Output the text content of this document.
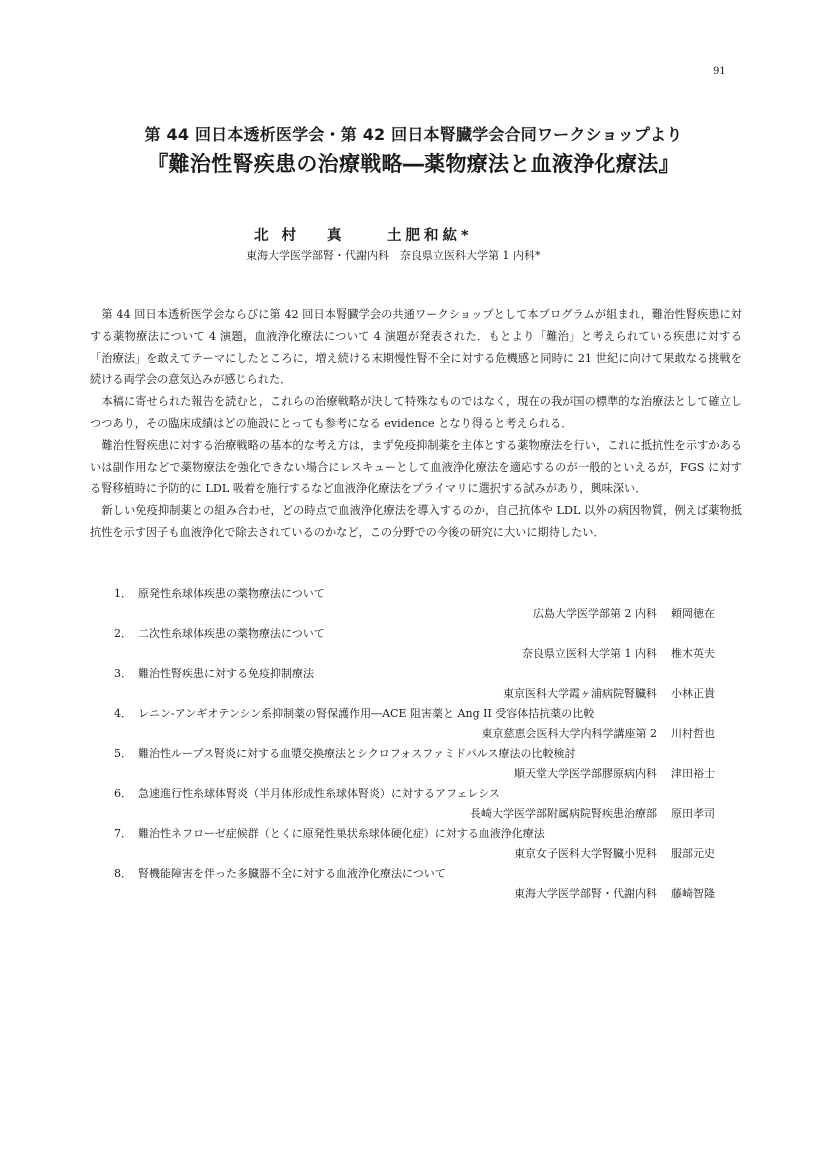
91
第 44 回日本透析医学会・第 42 回日本腎臓学会合同ワークショップより
『難治性腎疾患の治療戦略―薬物療法と血液浄化療法』
北村 真 土肥和紘*
東海大学医学部腎・代謝内科　奈良県立医科大学第 1 内科*

第 44 回日本透析医学会ならびに第 42 回日本腎臓学会の共通ワークショップとして本プログラムが組まれ，難治性腎疾患に対する薬物療法について 4 演題，血液浄化療法について 4 演題が発表された．もとより「難治」と考えられている疾患に対する「治療法」を敢えてテーマにしたところに，増え続ける末期慢性腎不全に対する危機感と同時に 21 世紀に向けて果敢なる挑戦を続ける両学会の意気込みが感じられた．

本稿に寄せられた報告を読むと，これらの治療戦略が決して特殊なものではなく，現在の我が国の標準的な治療法として確立しつつあり，その臨床成績はどの施設にとっても参考になる evidence となり得ると考えられる．

難治性腎疾患に対する治療戦略の基本的な考え方は，まず免疫抑制薬を主体とする薬物療法を行い，これに抵抗性を示すかあるいは副作用などで薬物療法を強化できない場合にレスキューとして血液浄化療法を適応するのが一般的といえるが，FGS に対する腎移植時に予防的に LDL 吸着を施行するなど血液浄化療法をプライマリに選択する試みがあり，興味深い．

新しい免疫抑制薬との組み合わせ，どの時点で血液浄化療法を導入するのか，自己抗体や LDL 以外の病因物質，例えば薬物抵抗性を示す因子も血液浄化で除去されているのかなど，この分野での今後の研究に大いに期待したい．

1． 原発性糸球体疾患の薬物療法について
広島大学医学部第 2 内科 頼岡徳在
2． 二次性糸球体疾患の薬物療法について
奈良県立医科大学第 1 内科 椎木英夫
3． 難治性腎疾患に対する免疫抑制療法
東京医科大学霞ヶ浦病院腎臓科 小林正貴
4． レニン-アンギオテンシン系抑制薬の腎保護作用―ACE 阻害薬と Ang II 受容体拮抗薬の比較
東京慈恵会医科大学内科学講座第 2 川村哲也
5． 難治性ループス腎炎に対する血漿交換療法とシクロフォスファミドパルス療法の比較検討
順天堂大学医学部膠原病内科 津田裕士
6． 急速進行性糸球体腎炎（半月体形成性糸球体腎炎）に対するアフェレシス
長崎大学医学部附属病院腎疾患治療部 原田孝司
7． 難治性ネフローゼ症候群（とくに原発性巣状糸球体硬化症）に対する血液浄化療法
東京女子医科大学腎臓小児科 服部元史
8． 腎機能障害を伴った多臓器不全に対する血液浄化療法について
東海大学医学部腎・代謝内科 藤崎智隆
